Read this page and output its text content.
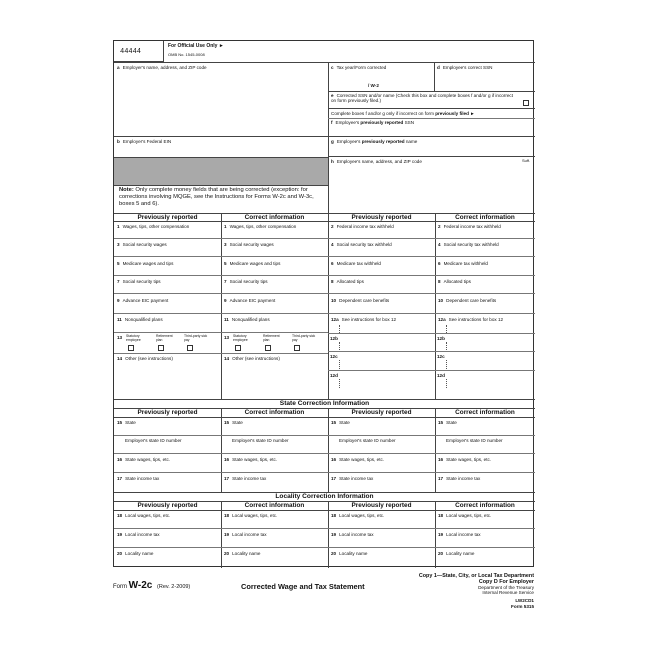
44444
For Official Use Only ►
OMB No. 1545-0008
a Employer's name, address, and ZIP code	c Tax year/Form corrected
/ W-2
d Employee's correct SSN
e Corrected SSN and/or name (Check this box and complete boxes f and/or g if incorrect on form previously filed.)
Complete boxes f and/or g only if incorrect on form previously filed ►
f Employee's previously reported SSN
b Employer's Federal EIN	g Employee's previously reported name
h Employee's name, address, and ZIP code	Suff.
Note: Only complete money fields that are being corrected (exception: for corrections involving MQGE, see the Instructions for Forms W-2c and W-3c, boxes 5 and 6).
Previously reported	Correct information	Previously reported	Correct information
1 Wages, tips, other compensation	1 Wages, tips, other compensation	2 Federal income tax withheld	2 Federal income tax withheld
3 Social security wages	3 Social security wages	4 Social security tax withheld	4 Social security tax withheld
5 Medicare wages and tips	5 Medicare wages and tips	6 Medicare tax withheld	6 Medicare tax withheld
7 Social security tips	7 Social security tips	8 Allocated tips	8 Allocated tips
9 Advance EIC payment	9 Advance EIC payment	10 Dependent care benefits	10 Dependent care benefits
11 Nonqualified plans	11 Nonqualified plans	12a See instructions for box 12	12a See instructions for box 12
13 Statutory employee
Retirement plan
Third-party sick pay	13 Statutory employee
Retirement plan
Third-party sick pay
14 Other (see instructions)	14 Other (see instructions)
12b	12b
12c	12c
12d	12d
State Correction Information
Previously reported	Correct information	Previously reported	Correct information
15 State	15 State	15 State	15 State
Employer's state ID number	Employer's state ID number	Employer's state ID number	Employer's state ID number
16 State wages, tips, etc.	16 State wages, tips, etc.	16 State wages, tips, etc.	16 State wages, tips, etc.
17 State income tax	17 State income tax	17 State income tax	17 State income tax
Locality Correction Information
Previously reported	Correct information	Previously reported	Correct information
18 Local wages, tips, etc.	18 Local wages, tips, etc.	18 Local wages, tips, etc.	18 Local wages, tips, etc.
19 Local income tax	19 Local income tax	19 Local income tax	19 Local income tax
20 Locality name	20 Locality name	20 Locality name	20 Locality name
Form W-2c (Rev. 2-2009)	Corrected Wage and Tax Statement
Copy 1—State, City, or Local Tax Department
Copy D For Employer
Department of the Treasury
Internal Revenue Service
LW2CD1
Form 5315
